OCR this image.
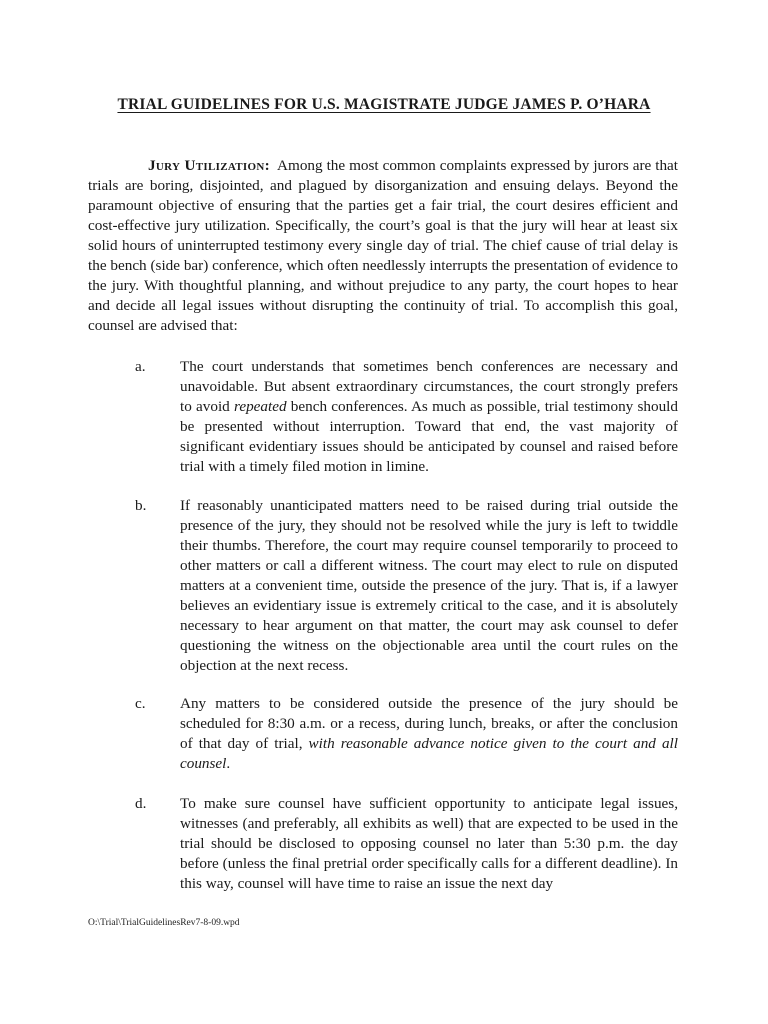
TRIAL GUIDELINES FOR U.S. MAGISTRATE JUDGE JAMES P. O’HARA

Jury Utilization: Among the most common complaints expressed by jurors are that trials are boring, disjointed, and plagued by disorganization and ensuing delays. Beyond the paramount objective of ensuring that the parties get a fair trial, the court desires efficient and cost-effective jury utilization. Specifically, the court’s goal is that the jury will hear at least six solid hours of uninterrupted testimony every single day of trial. The chief cause of trial delay is the bench (side bar) conference, which often needlessly interrupts the presentation of evidence to the jury. With thoughtful planning, and without prejudice to any party, the court hopes to hear and decide all legal issues without disrupting the continuity of trial. To accomplish this goal, counsel are advised that:

a. The court understands that sometimes bench conferences are necessary and unavoidable. But absent extraordinary circumstances, the court strongly prefers to avoid repeated bench conferences. As much as possible, trial testimony should be presented without interruption. Toward that end, the vast majority of significant evidentiary issues should be anticipated by counsel and raised before trial with a timely filed motion in limine.
b. If reasonably unanticipated matters need to be raised during trial outside the presence of the jury, they should not be resolved while the jury is left to twiddle their thumbs. Therefore, the court may require counsel temporarily to proceed to other matters or call a different witness. The court may elect to rule on disputed matters at a convenient time, outside the presence of the jury. That is, if a lawyer believes an evidentiary issue is extremely critical to the case, and it is absolutely necessary to hear argument on that matter, the court may ask counsel to defer questioning the witness on the objectionable area until the court rules on the objection at the next recess.
c. Any matters to be considered outside the presence of the jury should be scheduled for 8:30 a.m. or a recess, during lunch, breaks, or after the conclusion of that day of trial, with reasonable advance notice given to the court and all counsel.
d. To make sure counsel have sufficient opportunity to anticipate legal issues, witnesses (and preferably, all exhibits as well) that are expected to be used in the trial should be disclosed to opposing counsel no later than 5:30 p.m. the day before (unless the final pretrial order specifically calls for a different deadline). In this way, counsel will have time to raise an issue the next day
O:\Trial\TrialGuidelinesRev7-8-09.wpd
